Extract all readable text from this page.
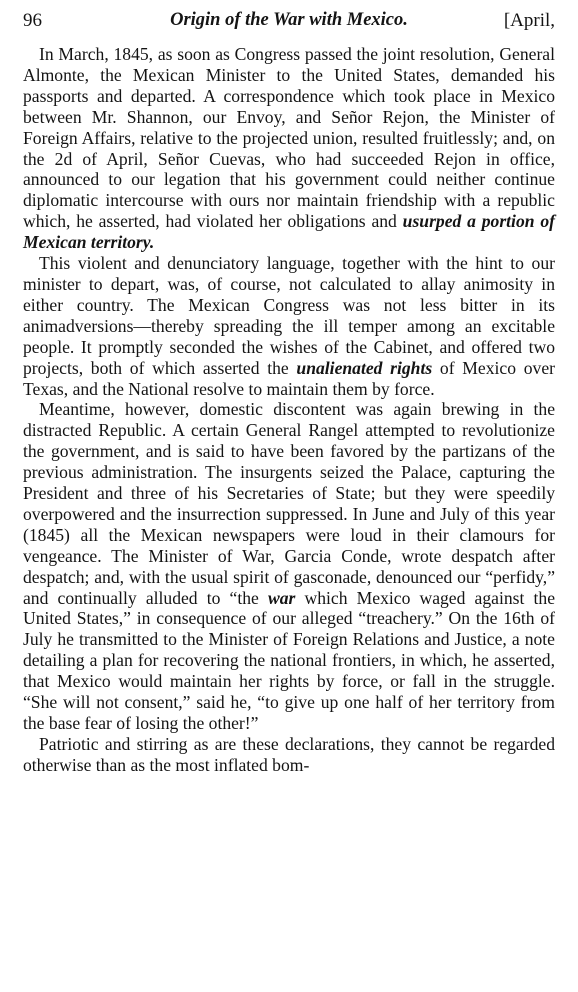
96	Origin of the War with Mexico.	[April,

In March, 1845, as soon as Congress passed the joint resolution, General Almonte, the Mexican Minister to the United States, demanded his passports and departed. A correspondence which took place in Mexico between Mr. Shannon, our Envoy, and Señor Rejon, the Minister of Foreign Affairs, relative to the projected union, resulted fruitlessly; and, on the 2d of April, Señor Cuevas, who had succeeded Rejon in office, announced to our legation that his government could neither continue diplomatic intercourse with ours nor maintain friendship with a republic which, he asserted, had violated her obligations and usurped a portion of Mexican territory.

This violent and denunciatory language, together with the hint to our minister to depart, was, of course, not calculated to allay animosity in either country. The Mexican Congress was not less bitter in its animadversions—thereby spreading the ill temper among an excitable people. It promptly seconded the wishes of the Cabinet, and offered two projects, both of which asserted the unalienated rights of Mexico over Texas, and the National resolve to maintain them by force.

Meantime, however, domestic discontent was again brewing in the distracted Republic. A certain General Rangel attempted to revolutionize the government, and is said to have been favored by the partizans of the previous administration. The insurgents seized the Palace, capturing the President and three of his Secretaries of State; but they were speedily overpowered and the insurrection suppressed. In June and July of this year (1845) all the Mexican newspapers were loud in their clamours for vengeance. The Minister of War, Garcia Conde, wrote despatch after despatch; and, with the usual spirit of gasconade, denounced our “perfidy,” and continually alluded to “the war which Mexico waged against the United States,” in consequence of our alleged “treachery.” On the 16th of July he transmitted to the Minister of Foreign Relations and Justice, a note detailing a plan for recovering the national frontiers, in which, he asserted, that Mexico would maintain her rights by force, or fall in the struggle. “She will not consent,” said he, “to give up one half of her territory from the base fear of losing the other!”

Patriotic and stirring as are these declarations, they cannot be regarded otherwise than as the most inflated bom-
